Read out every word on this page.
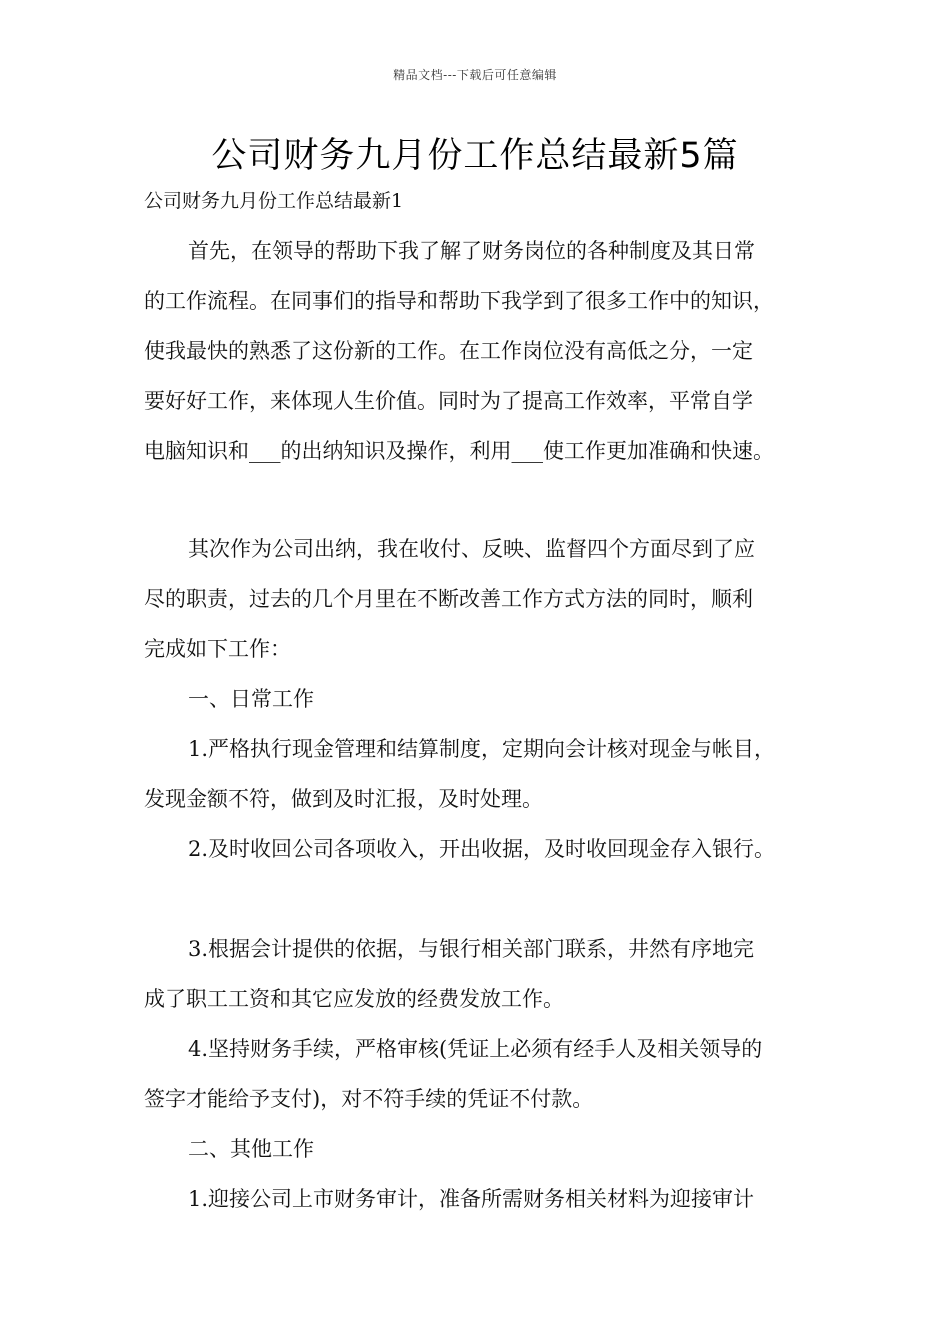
精品文档---下载后可任意编辑
公司财务九月份工作总结最新5篇

公司财务九月份工作总结最新1

首先，在领导的帮助下我了解了财务岗位的各种制度及其日常
的工作流程。在同事们的指导和帮助下我学到了很多工作中的知识，
使我最快的熟悉了这份新的工作。在工作岗位没有高低之分，一定
要好好工作，来体现人生价值。同时为了提高工作效率，平常自学
电脑知识和___的出纳知识及操作，利用___使工作更加准确和快速。
其次作为公司出纳，我在收付、反映、监督四个方面尽到了应
尽的职责，过去的几个月里在不断改善工作方式方法的同时，顺利
完成如下工作：
一、日常工作
1.严格执行现金管理和结算制度，定期向会计核对现金与帐目，
发现金额不符，做到及时汇报，及时处理。
2.及时收回公司各项收入，开出收据，及时收回现金存入银行。
3.根据会计提供的依据，与银行相关部门联系，井然有序地完
成了职工工资和其它应发放的经费发放工作。
4.坚持财务手续，严格审核(凭证上必须有经手人及相关领导的
签字才能给予支付)，对不符手续的凭证不付款。
二、其他工作
1.迎接公司上市财务审计，准备所需财务相关材料为迎接审计
